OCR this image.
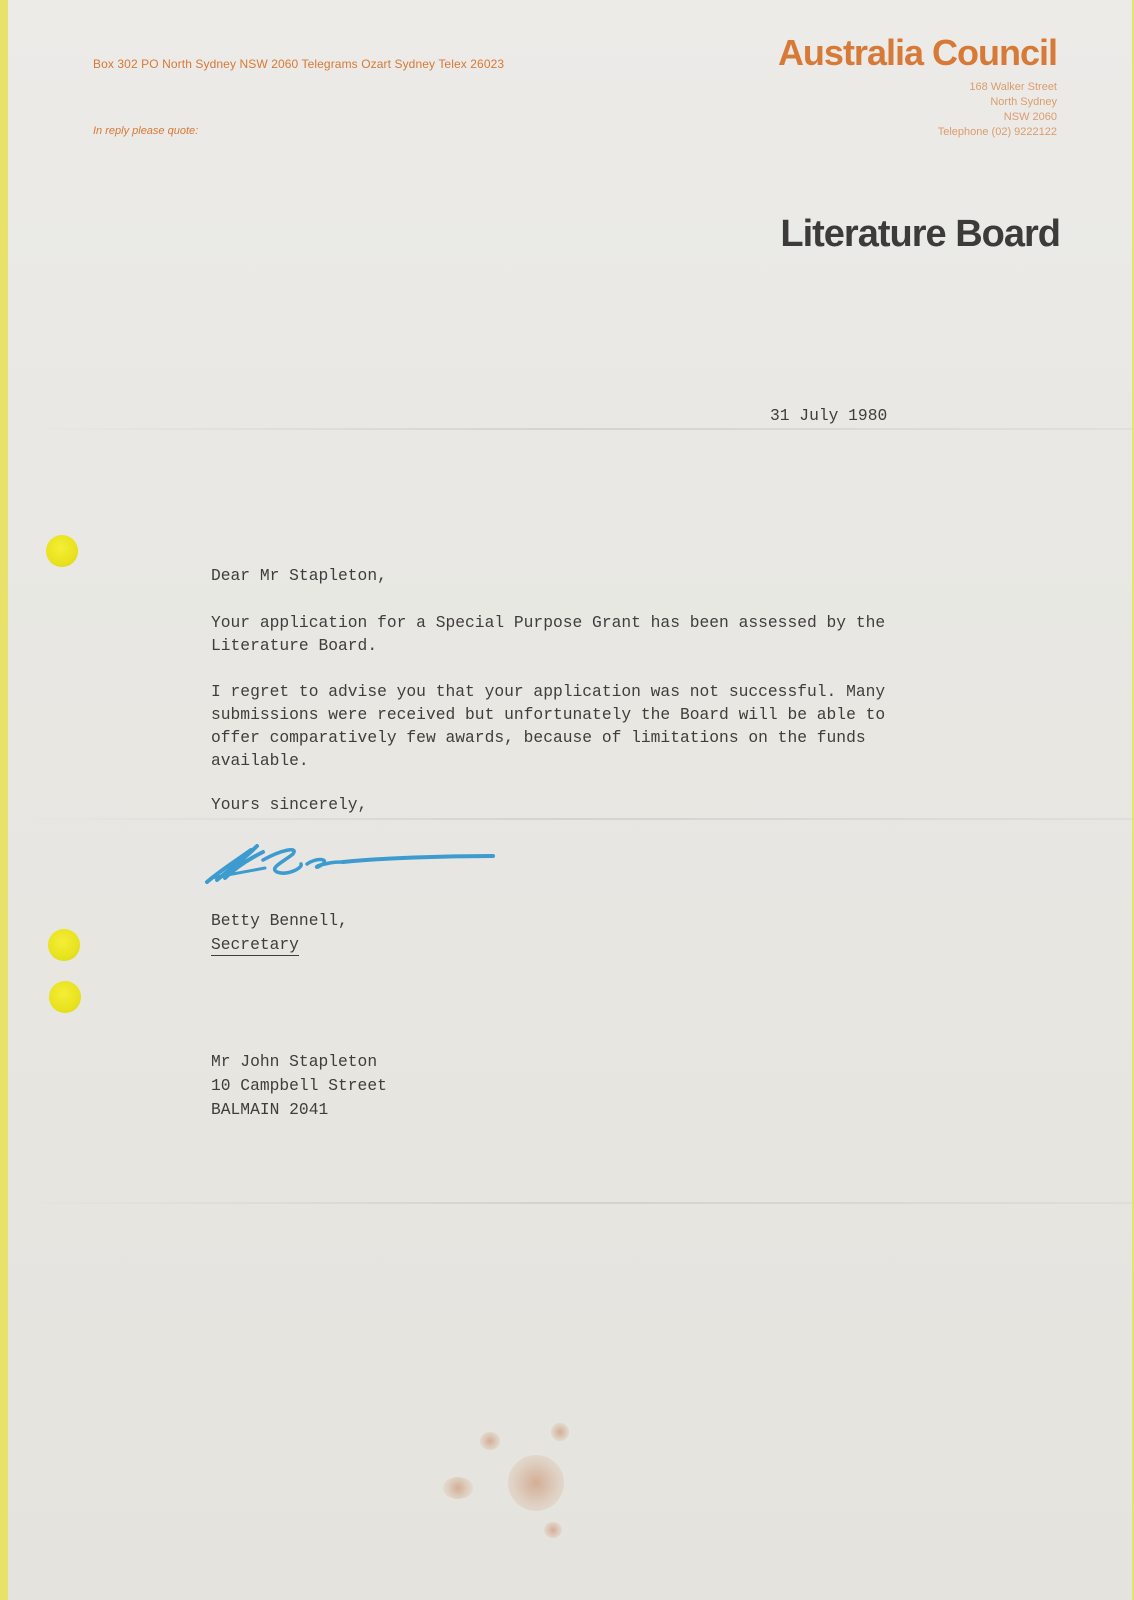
Box 302 PO North Sydney NSW 2060 Telegrams Ozart Sydney Telex 26023
In reply please quote:
Australia Council
168 Walker Street
North Sydney
NSW 2060
Telephone (02) 9222122
Literature Board

31 July 1980

Dear Mr Stapleton,

Your application for a Special Purpose Grant has been assessed by the
Literature Board.
I regret to advise you that your application was not successful. Many
submissions were received but unfortunately the Board will be able to
offer comparatively few awards, because of limitations on the funds
available.

Yours sincerely,

Betty Bennell,

Secretary

Mr John Stapleton
10 Campbell Street
BALMAIN 2041
